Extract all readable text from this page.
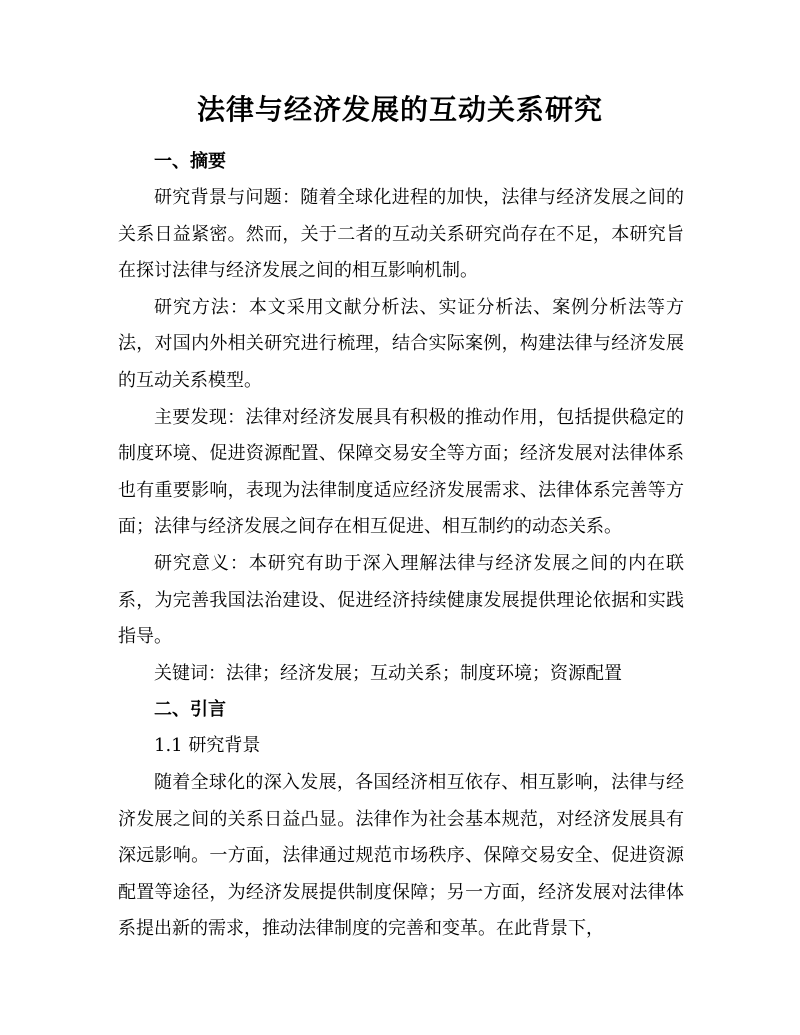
法律与经济发展的互动关系研究

一、摘要

研究背景与问题：随着全球化进程的加快，法律与经济发展之间的关系日益紧密。然而，关于二者的互动关系研究尚存在不足，本研究旨在探讨法律与经济发展之间的相互影响机制。

研究方法：本文采用文献分析法、实证分析法、案例分析法等方法，对国内外相关研究进行梳理，结合实际案例，构建法律与经济发展的互动关系模型。

主要发现：法律对经济发展具有积极的推动作用，包括提供稳定的制度环境、促进资源配置、保障交易安全等方面；经济发展对法律体系也有重要影响，表现为法律制度适应经济发展需求、法律体系完善等方面；法律与经济发展之间存在相互促进、相互制约的动态关系。

研究意义：本研究有助于深入理解法律与经济发展之间的内在联系，为完善我国法治建设、促进经济持续健康发展提供理论依据和实践指导。

关键词：法律；经济发展；互动关系；制度环境；资源配置

二、引言

1.1 研究背景

随着全球化的深入发展，各国经济相互依存、相互影响，法律与经济发展之间的关系日益凸显。法律作为社会基本规范，对经济发展具有深远影响。一方面，法律通过规范市场秩序、保障交易安全、促进资源配置等途径，为经济发展提供制度保障；另一方面，经济发展对法律体系提出新的需求，推动法律制度的完善和变革。在此背景下，
